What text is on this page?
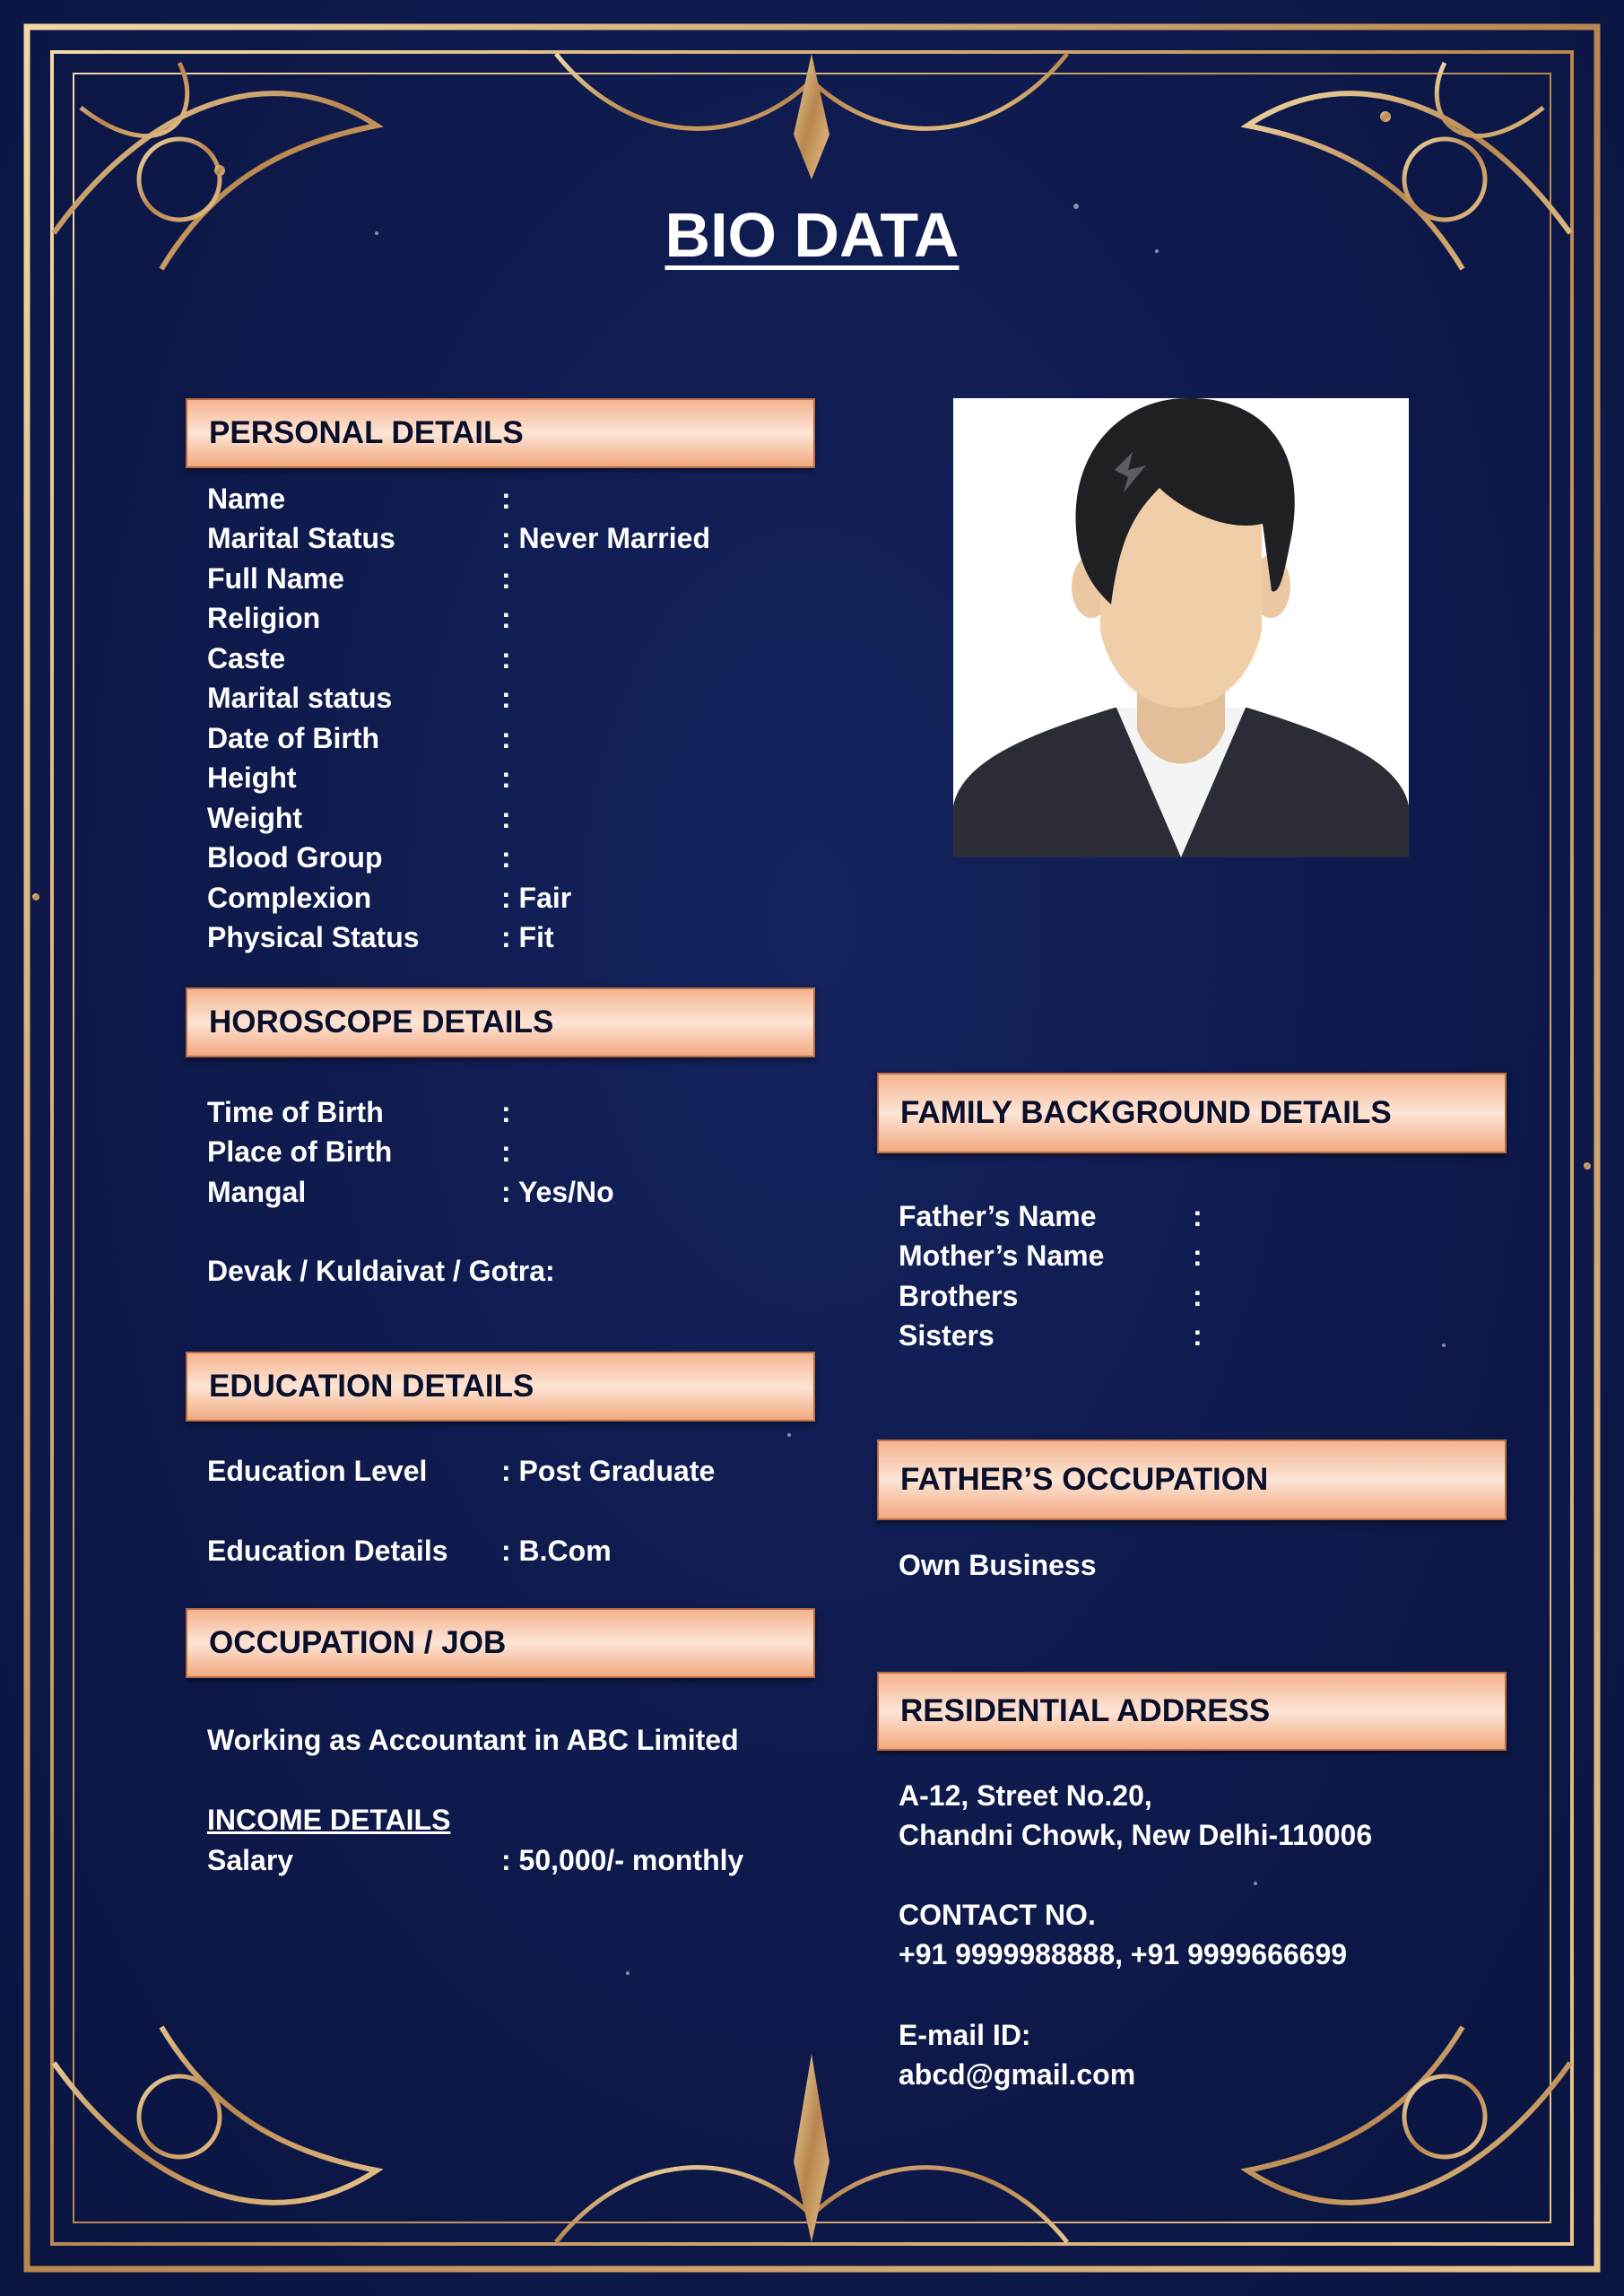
BIO DATA
PERSONAL DETAILS
Name	:
Marital Status	: Never Married
Full Name	:
Religion	:
Caste	:
Marital status	:
Date of Birth	:
Height	:
Weight	:
Blood Group	:
Complexion	: Fair
Physical Status	: Fit
HOROSCOPE DETAILS
Time of Birth	:
Place of Birth	:
Mangal	: Yes/No
Devak / Kuldaivat / Gotra:
EDUCATION DETAILS
Education Level	: Post Graduate
Education Details : B.Com
OCCUPATION / JOB
Working as Accountant in ABC Limited
INCOME DETAILS
Salary	: 50,000/- monthly
FAMILY BACKGROUND DETAILS
Father’s Name	:
Mother’s Name	:
Brothers	:
Sisters	:
FATHER’S OCCUPATION
Own Business
RESIDENTIAL ADDRESS
A-12, Street No.20,
Chandni Chowk, New Delhi-110006
CONTACT NO.
+91 9999988888, +91 9999666699
E-mail ID:
abcd@gmail.com
